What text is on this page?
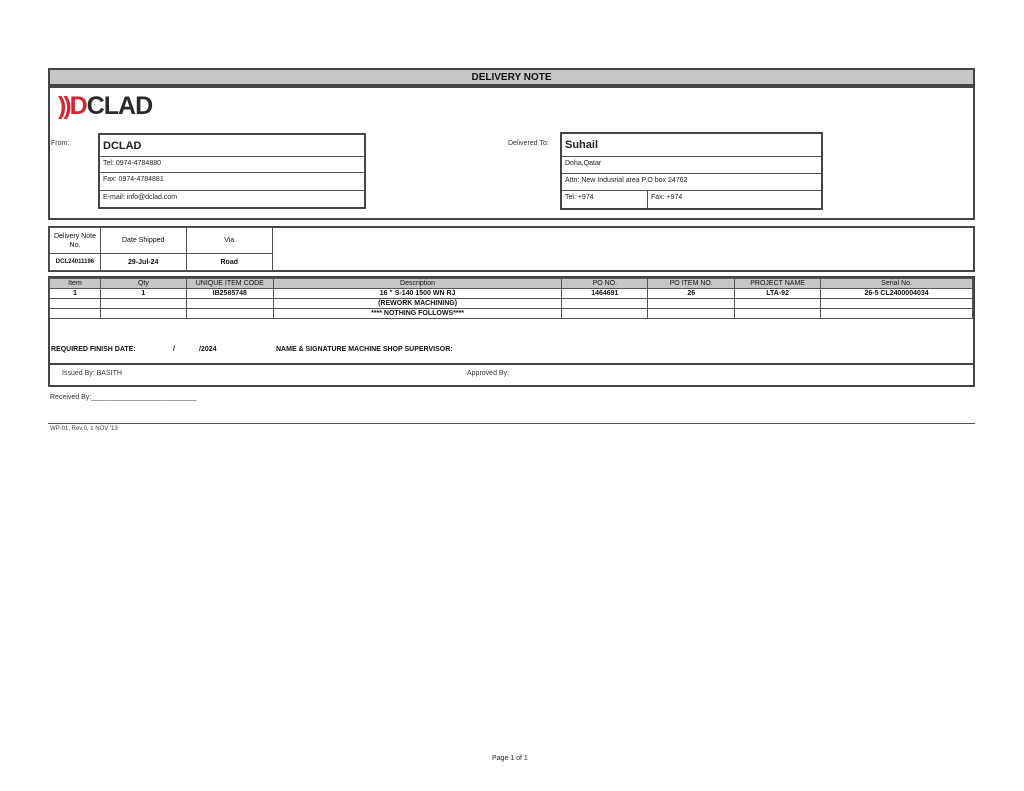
DELIVERY NOTE
))DCLAD
From:	DCLAD
Tel: 0974-4784880
Fax: 0974-4784881
E-mail: info@dclad.com
Delivered To: Suhail
Doha,Qatar
Attn: New Indusrial area P.O box 24762
Tel: +974	Fax: +974
Delivery Note No.	Date Shipped	Via
DCL24011196	29-Jul-24	Road
Item	Qty	UNIQUE ITEM CODE	Description	PO NO.	PO ITEM NO.	PROJECT NAME	Serial No.
1	1	IB2585748	16 " S-140 1500 WN RJ	1464691	26	LTA-92	26-5 CL2400004034
			(REWORK MACHINING)				
			**** NOTHING FOLLOWS****				
REQUIRED FINISH DATE:	/	/2024	NAME & SIGNATURE MACHINE SHOP SUPERVISOR:
Issued By: BASITH	Approved By:
Received By:___________________________
WP-01, Rev.0, 1 NOV '13
Page 1 of 1
